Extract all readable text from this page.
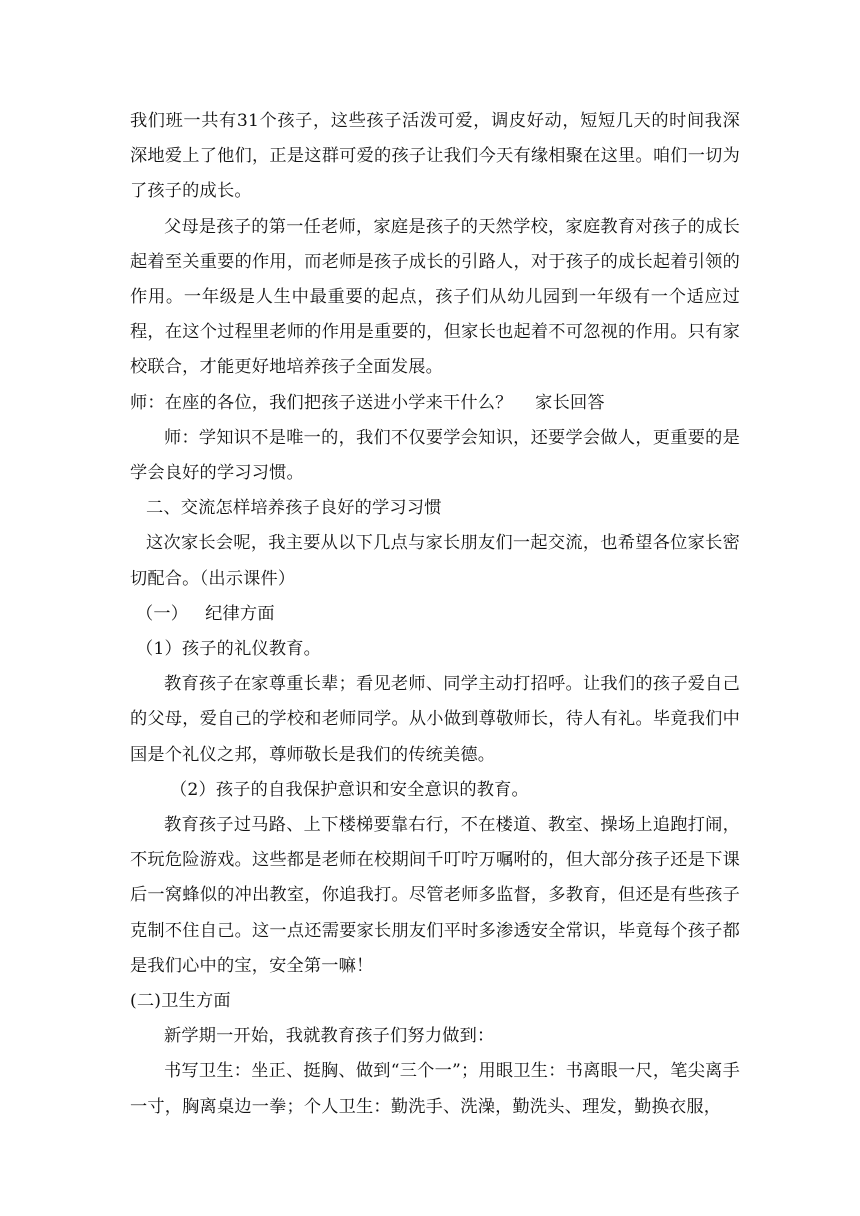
我们班一共有31个孩子，这些孩子活泼可爱，调皮好动，短短几天的时间我深深地爱上了他们，正是这群可爱的孩子让我们今天有缘相聚在这里。咱们一切为了孩子的成长。

父母是孩子的第一任老师，家庭是孩子的天然学校，家庭教育对孩子的成长起着至关重要的作用，而老师是孩子成长的引路人，对于孩子的成长起着引领的作用。一年级是人生中最重要的起点，孩子们从幼儿园到一年级有一个适应过程，在这个过程里老师的作用是重要的，但家长也起着不可忽视的作用。只有家校联合，才能更好地培养孩子全面发展。

师：在座的各位，我们把孩子送进小学来干什么？    家长回答

师：学知识不是唯一的，我们不仅要学会知识，还要学会做人，更重要的是学会良好的学习习惯。

二、交流怎样培养孩子良好的学习习惯

这次家长会呢，我主要从以下几点与家长朋友们一起交流，也希望各位家长密切配合。（出示课件）

（一）   纪律方面

（1）孩子的礼仪教育。

教育孩子在家尊重长辈；看见老师、同学主动打招呼。让我们的孩子爱自己的父母，爱自己的学校和老师同学。从小做到尊敬师长，待人有礼。毕竟我们中国是个礼仪之邦，尊师敬长是我们的传统美德。

（2）孩子的自我保护意识和安全意识的教育。

教育孩子过马路、上下楼梯要靠右行，不在楼道、教室、操场上追跑打闹，不玩危险游戏。这些都是老师在校期间千叮咛万嘱咐的，但大部分孩子还是下课后一窝蜂似的冲出教室，你追我打。尽管老师多监督，多教育，但还是有些孩子克制不住自己。这一点还需要家长朋友们平时多渗透安全常识，毕竟每个孩子都是我们心中的宝，安全第一嘛！

(二)卫生方面

新学期一开始，我就教育孩子们努力做到：

书写卫生：坐正、挺胸、做到“三个一”；用眼卫生：书离眼一尺，笔尖离手一寸，胸离桌边一拳；个人卫生：勤洗手、洗澡，勤洗头、理发，勤换衣服，
